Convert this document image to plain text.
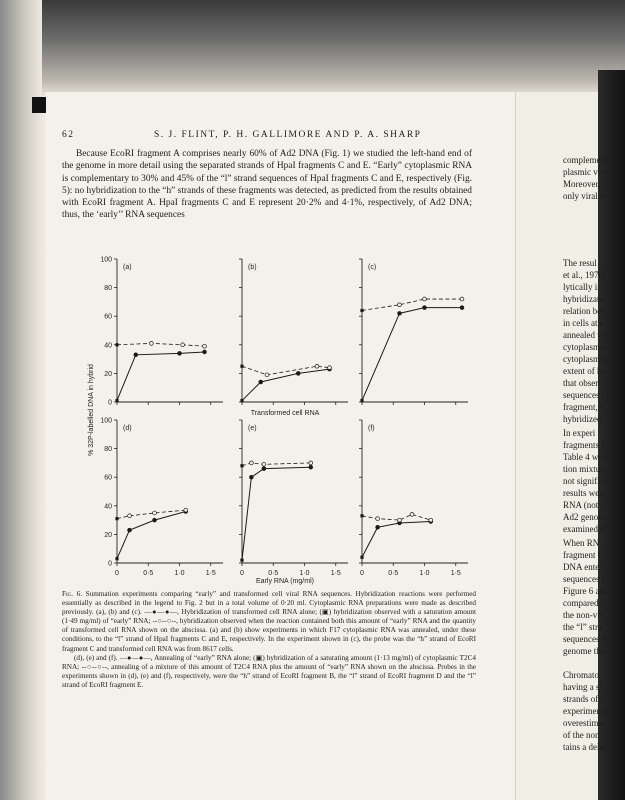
62	S. J. FLINT, P. H. GALLIMORE AND P. A. SHARP

Because EcoRI fragment A comprises nearly 60% of Ad2 DNA (Fig. 1) we studied the left-hand end of the genome in more detail using the separated strands of HpaI fragments C and E. “Early” cytoplasmic RNA is complementary to 30% and 45% of the “l” strand sequences of HpaI fragments C and E, respectively (Fig. 5): no hybridization to the “h” strands of these fragments was detected, as predicted from the results obtained with EcoRI fragment A. HpaI fragments C and E represent 20·2% and 4·1%, respectively, of Ad2 DNA; thus, the ‘early’’ RNA sequences

complement
plasmic vira
Moreover, t
only viral tr
The resul
et al., 1970)
lytically in
hybridizatic
relation bet
in cells at e
annealed wi
cytoplasmic
cytoplasmic
extent of hy
that observ
sequences t
fragment, t
hybridized.
In experi
fragments C
Table 4 were
tion mixture
not significa
results were
RNA (not s
Ad2 genom
examined h
When RN
fragment C
DNA enter
sequences f
Figure 6 als
compared b
the non-vir
the “l” stra
sequences fo
genome tha
Chromato
having a si
strands of r
experiments
overestimat
of the non-
tains a delet
% 32P-labelled DNA in hybrid
(a)
0
20
40
60
80
100
(b)	(c)
(d)
0
20
40
60
80
100
0	0·5	1·0	1·5
(e)
0	0·5	1·0	1·5
(f)
0	0·5	1·0	1·5
Transformed cell RNA
Early RNA (mg/ml)

Fig. 6. Summation experiments comparing “early” and transformed cell viral RNA sequences. Hybridization reactions were performed essentially as described in the legend to Fig. 2 but in a total volume of 0·20 ml. Cytoplasmic RNA preparations were made as described previously. (a), (b) and (c). —●—●—, Hybridization of transformed cell RNA alone; (▣) hybridization observed with a saturation amount (1·49 mg/ml) of “early” RNA; --○--○--, hybridization observed when the reaction contained both this amount of “early” RNA and the quantity of transformed cell RNA shown on the abscissa. (a) and (b) show experiments in which F17 cytoplasmic RNA was annealed, under these conditions, to the “l” strand of HpaI fragments C and E, respectively. In the experiment shown in (c), the probe was the “h” strand of EcoRI fragment C and transformed cell RNA was from 8617 cells.

(d), (e) and (f). —●—●—, Annealing of “early” RNA alone; (▣) hybridization of a saturating amount (1·13 mg/ml) of cytoplasmic T2C4 RNA; --○--○--, annealing of a mixture of this amount of T2C4 RNA plus the amount of “early” RNA shown on the abscissa. Probes in the experiments shown in (d), (e) and (f), respectively, were the “h” strand of EcoRI fragment B, the “l” strand of EcoRI fragment D and the “l” strand of EcoRI fragment E.
